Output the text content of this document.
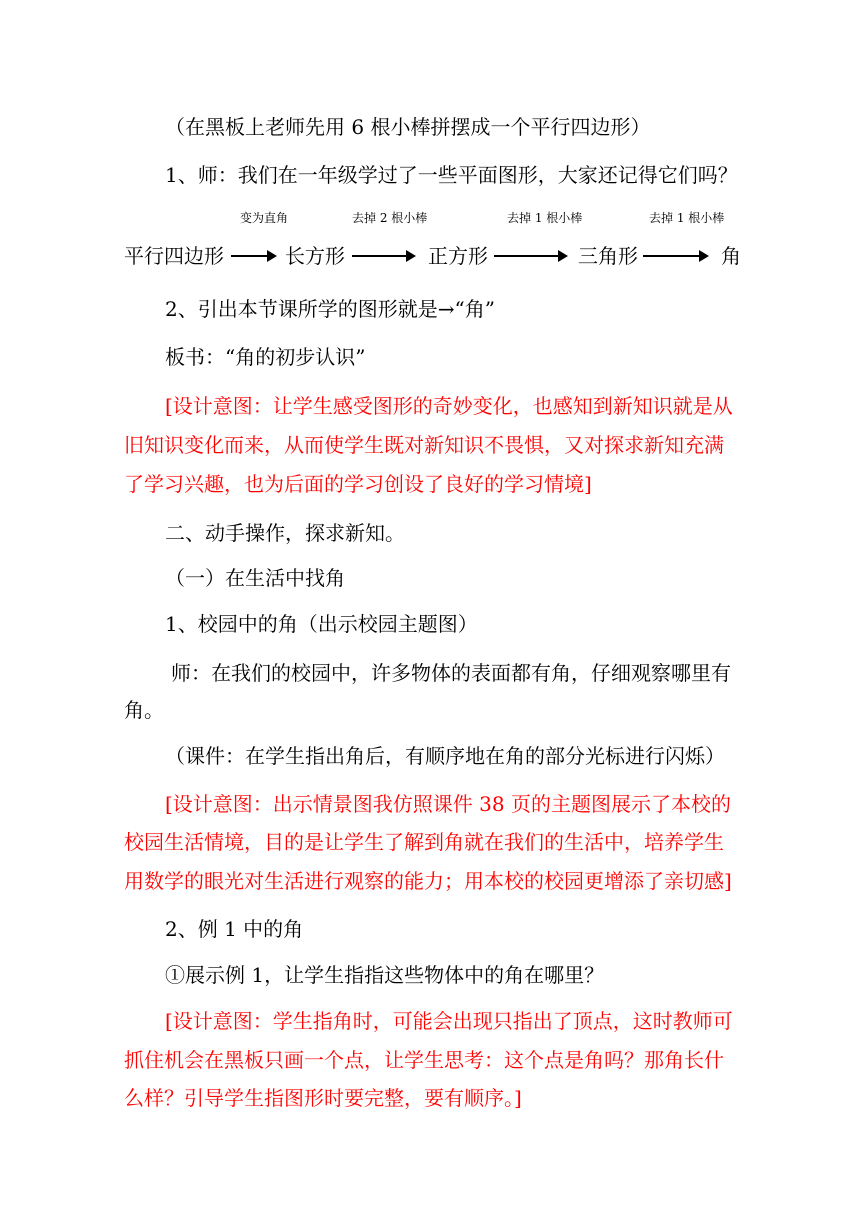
（在黑板上老师先用 6 根小棒拼摆成一个平行四边形）

1、师：我们在一年级学过了一些平面图形，大家还记得它们吗？

变为直角	去掉 2 根小棒	去掉 1 根小棒	去掉 1 根小棒
平行四边形	长方形	正方形	三角形	角

2、引出本节课所学的图形就是→“角”

板书：“角的初步认识”

[设计意图：让学生感受图形的奇妙变化，也感知到新知识就是从

旧知识变化而来，从而使学生既对新知识不畏惧，又对探求新知充满

了学习兴趣，也为后面的学习创设了良好的学习情境]

二、动手操作，探求新知。

（一）在生活中找角

1、校园中的角（出示校园主题图）

师：在我们的校园中，许多物体的表面都有角，仔细观察哪里有

角。

（课件：在学生指出角后，有顺序地在角的部分光标进行闪烁）

[设计意图：出示情景图我仿照课件 38 页的主题图展示了本校的

校园生活情境，目的是让学生了解到角就在我们的生活中，培养学生

用数学的眼光对生活进行观察的能力；用本校的校园更增添了亲切感]

2、例 1 中的角

①展示例 1，让学生指指这些物体中的角在哪里？

[设计意图：学生指角时，可能会出现只指出了顶点，这时教师可

抓住机会在黑板只画一个点，让学生思考：这个点是角吗？那角长什

么样？引导学生指图形时要完整，要有顺序。]
